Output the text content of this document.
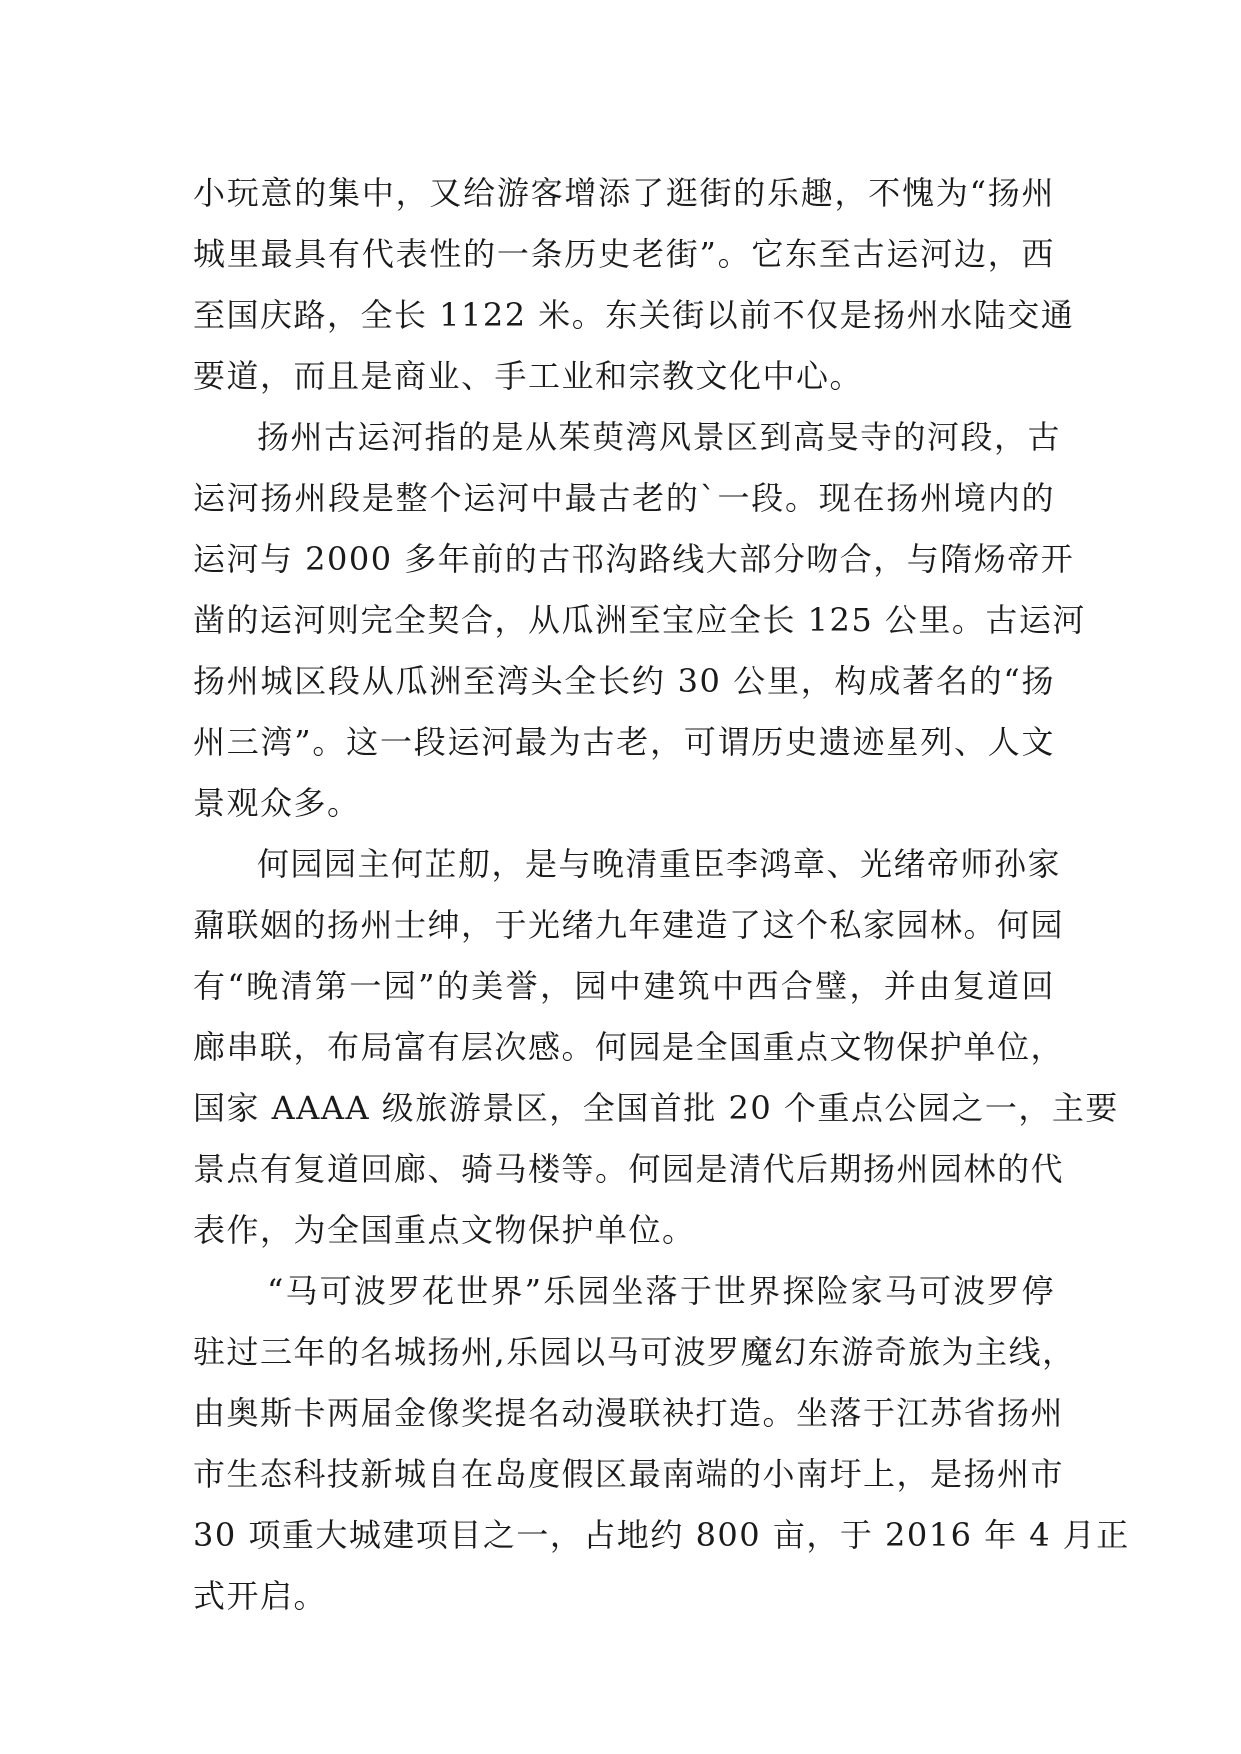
小玩意的集中，又给游客增添了逛街的乐趣，不愧为“扬州
城里最具有代表性的一条历史老街”。它东至古运河边，西
至国庆路，全长 1122 米。东关街以前不仅是扬州水陆交通
要道，而且是商业、手工业和宗教文化中心。
扬州古运河指的是从茱萸湾风景区到高旻寺的河段，古
运河扬州段是整个运河中最古老的`一段。现在扬州境内的
运河与 2000 多年前的古邗沟路线大部分吻合，与隋炀帝开
凿的运河则完全契合，从瓜洲至宝应全长 125 公里。古运河
扬州城区段从瓜洲至湾头全长约 30 公里，构成著名的“扬
州三湾”。这一段运河最为古老，可谓历史遗迹星列、人文
景观众多。
何园园主何芷舠，是与晚清重臣李鸿章、光绪帝师孙家
鼐联姻的扬州士绅，于光绪九年建造了这个私家园林。何园
有“晚清第一园”的美誉，园中建筑中西合璧，并由复道回
廊串联，布局富有层次感。何园是全国重点文物保护单位，
国家 AAAA 级旅游景区，全国首批 20 个重点公园之一，主要
景点有复道回廊、骑马楼等。何园是清代后期扬州园林的代
表作，为全国重点文物保护单位。
“马可波罗花世界”乐园坐落于世界探险家马可波罗停
驻过三年的名城扬州,乐园以马可波罗魔幻东游奇旅为主线，
由奥斯卡两届金像奖提名动漫联袂打造。坐落于江苏省扬州
市生态科技新城自在岛度假区最南端的小南圩上，是扬州市
30 项重大城建项目之一，占地约 800 亩，于 2016 年 4 月正
式开启。
